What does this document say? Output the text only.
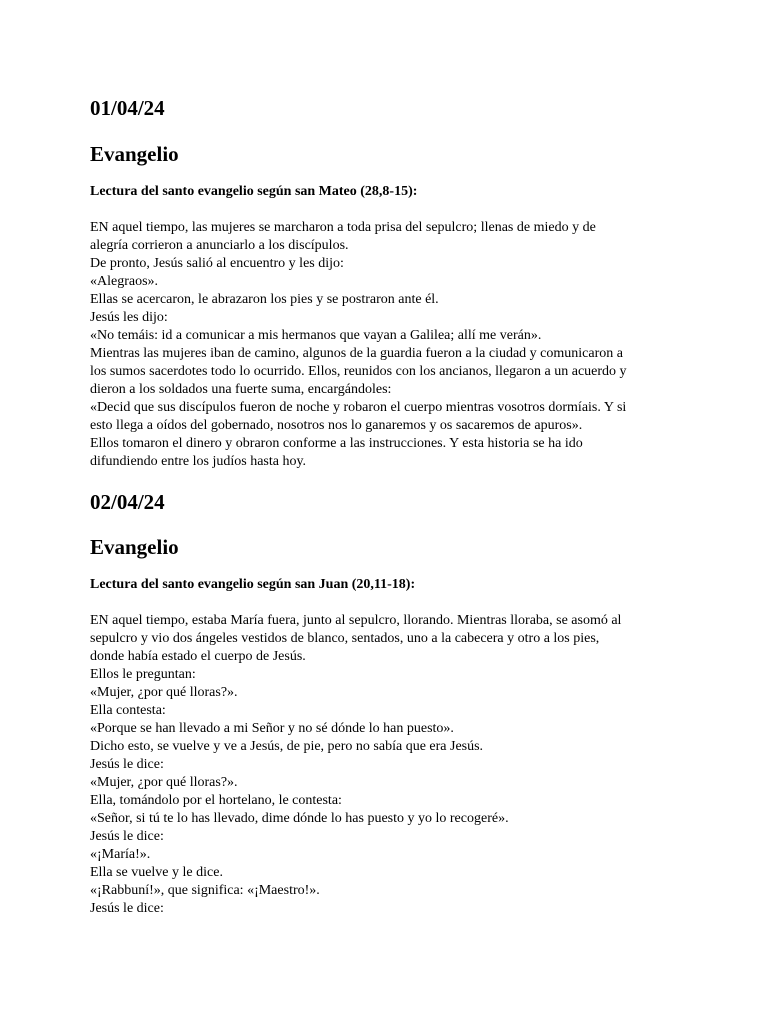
01/04/24
Evangelio

Lectura del santo evangelio según san Mateo (28,8-15):

EN aquel tiempo, las mujeres se marcharon a toda prisa del sepulcro; llenas de miedo y de
alegría corrieron a anunciarlo a los discípulos.
De pronto, Jesús salió al encuentro y les dijo:
«Alegraos».
Ellas se acercaron, le abrazaron los pies y se postraron ante él.
Jesús les dijo:
«No temáis: id a comunicar a mis hermanos que vayan a Galilea; allí me verán».
Mientras las mujeres iban de camino, algunos de la guardia fueron a la ciudad y comunicaron a
los sumos sacerdotes todo lo ocurrido. Ellos, reunidos con los ancianos, llegaron a un acuerdo y
dieron a los soldados una fuerte suma, encargándoles:
«Decid que sus discípulos fueron de noche y robaron el cuerpo mientras vosotros dormíais. Y si
esto llega a oídos del gobernado, nosotros nos lo ganaremos y os sacaremos de apuros».
Ellos tomaron el dinero y obraron conforme a las instrucciones. Y esta historia se ha ido
difundiendo entre los judíos hasta hoy.
02/04/24
Evangelio

Lectura del santo evangelio según san Juan (20,11-18):

EN aquel tiempo, estaba María fuera, junto al sepulcro, llorando. Mientras lloraba, se asomó al
sepulcro y vio dos ángeles vestidos de blanco, sentados, uno a la cabecera y otro a los pies,
donde había estado el cuerpo de Jesús.
Ellos le preguntan:
«Mujer, ¿por qué lloras?».
Ella contesta:
«Porque se han llevado a mi Señor y no sé dónde lo han puesto».
Dicho esto, se vuelve y ve a Jesús, de pie, pero no sabía que era Jesús.
Jesús le dice:
«Mujer, ¿por qué lloras?».
Ella, tomándolo por el hortelano, le contesta:
«Señor, si tú te lo has llevado, dime dónde lo has puesto y yo lo recogeré».
Jesús le dice:
«¡María!».
Ella se vuelve y le dice.
«¡Rabbuní!», que significa: «¡Maestro!».
Jesús le dice:
